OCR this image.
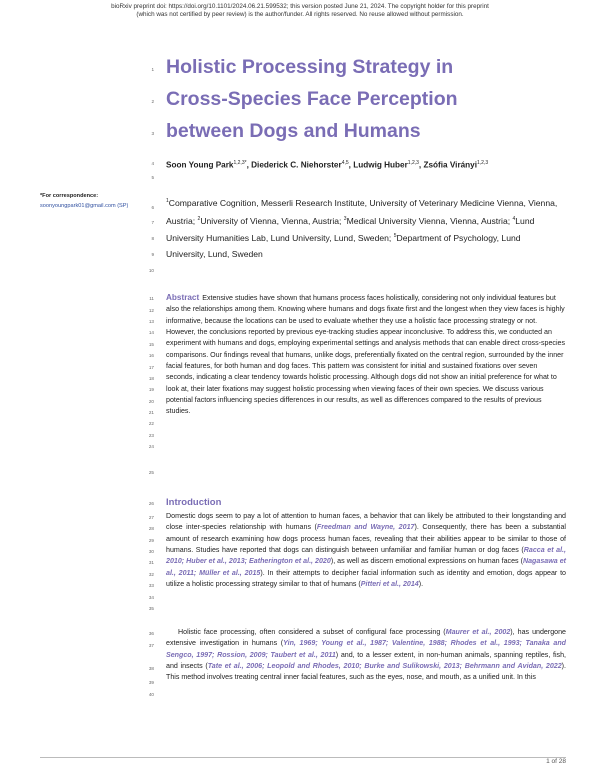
bioRxiv preprint doi: https://doi.org/10.1101/2024.06.21.599532; this version posted June 21, 2024. The copyright holder for this preprint
(which was not certified by peer review) is the author/funder. All rights reserved. No reuse allowed without permission.
1
2
3
4
5
6
7
8
9
10
11
12
13
14
15
16
17
18
19
20
21
22
23
24
25
26
27
28
29
30
31
32
33
34
35
36
37
38
39
40
Holistic Processing Strategy in
Cross-Species Face Perception
between Dogs and Humans
Soon Young Park$^{1,2,3*}$, Diederick C. Niehorster$^{4,5}$, Ludwig Huber$^{1,2,3}$, Zsófia Virányi$^{1,2,3}$
*For correspondence:
soonyoungpark01@gmail.com (SP)
$^1$Comparative Cognition, Messerli Research Institute, University of Veterinary Medicine Vienna, Vienna, Austria; $^2$University of Vienna, Vienna, Austria; $^3$Medical University Vienna, Vienna, Austria; $^4$Lund University Humanities Lab, Lund University, Lund, Sweden; $^5$Department of Psychology, Lund University, Lund, Sweden
Abstract Extensive studies have shown that humans process faces holistically, considering not only individual features but also the relationships among them. Knowing where humans and dogs fixate first and the longest when they view faces is highly informative, because the locations can be used to evaluate whether they use a holistic face processing strategy or not. However, the conclusions reported by previous eye-tracking studies appear inconclusive. To address this, we conducted an experiment with humans and dogs, employing experimental settings and analysis methods that can enable direct cross-species comparisons. Our findings reveal that humans, unlike dogs, preferentially fixated on the central region, surrounded by the inner facial features, for both human and dog faces. This pattern was consistent for initial and sustained fixations over seven seconds, indicating a clear tendency towards holistic processing. Although dogs did not show an initial preference for what to look at, their later fixations may suggest holistic processing when viewing faces of their own species. We discuss various potential factors influencing species differences in our results, as well as differences compared to the results of previous studies.
Introduction
Domestic dogs seem to pay a lot of attention to human faces, a behavior that can likely be attributed to their longstanding and close inter-species relationship with humans (Freedman and Wayne, 2017). Consequently, there has been a substantial amount of research examining how dogs process human faces, revealing that their abilities appear to be similar to those of humans. Studies have reported that dogs can distinguish between unfamiliar and familiar human or dog faces (Racca et al., 2010; Huber et al., 2013; Eatherington et al., 2020), as well as discern emotional expressions on human faces (Nagasawa et al., 2011; Müller et al., 2015). In their attempts to decipher facial information such as identity and emotion, dogs appear to utilize a holistic processing strategy similar to that of humans (Pitteri et al., 2014).
Holistic face processing, often considered a subset of configural face processing (Maurer et al., 2002), has undergone extensive investigation in humans (Yin, 1969; Young et al., 1987; Valentine, 1988; Rhodes et al., 1993; Tanaka and Sengco, 1997; Rossion, 2009; Taubert et al., 2011) and, to a lesser extent, in non-human animals, spanning reptiles, fish, and insects (Tate et al., 2006; Leopold and Rhodes, 2010; Burke and Sulikowski, 2013; Behrmann and Avidan, 2022). This method involves treating central inner facial features, such as the eyes, nose, and mouth, as a unified unit. In this
1 of 28
